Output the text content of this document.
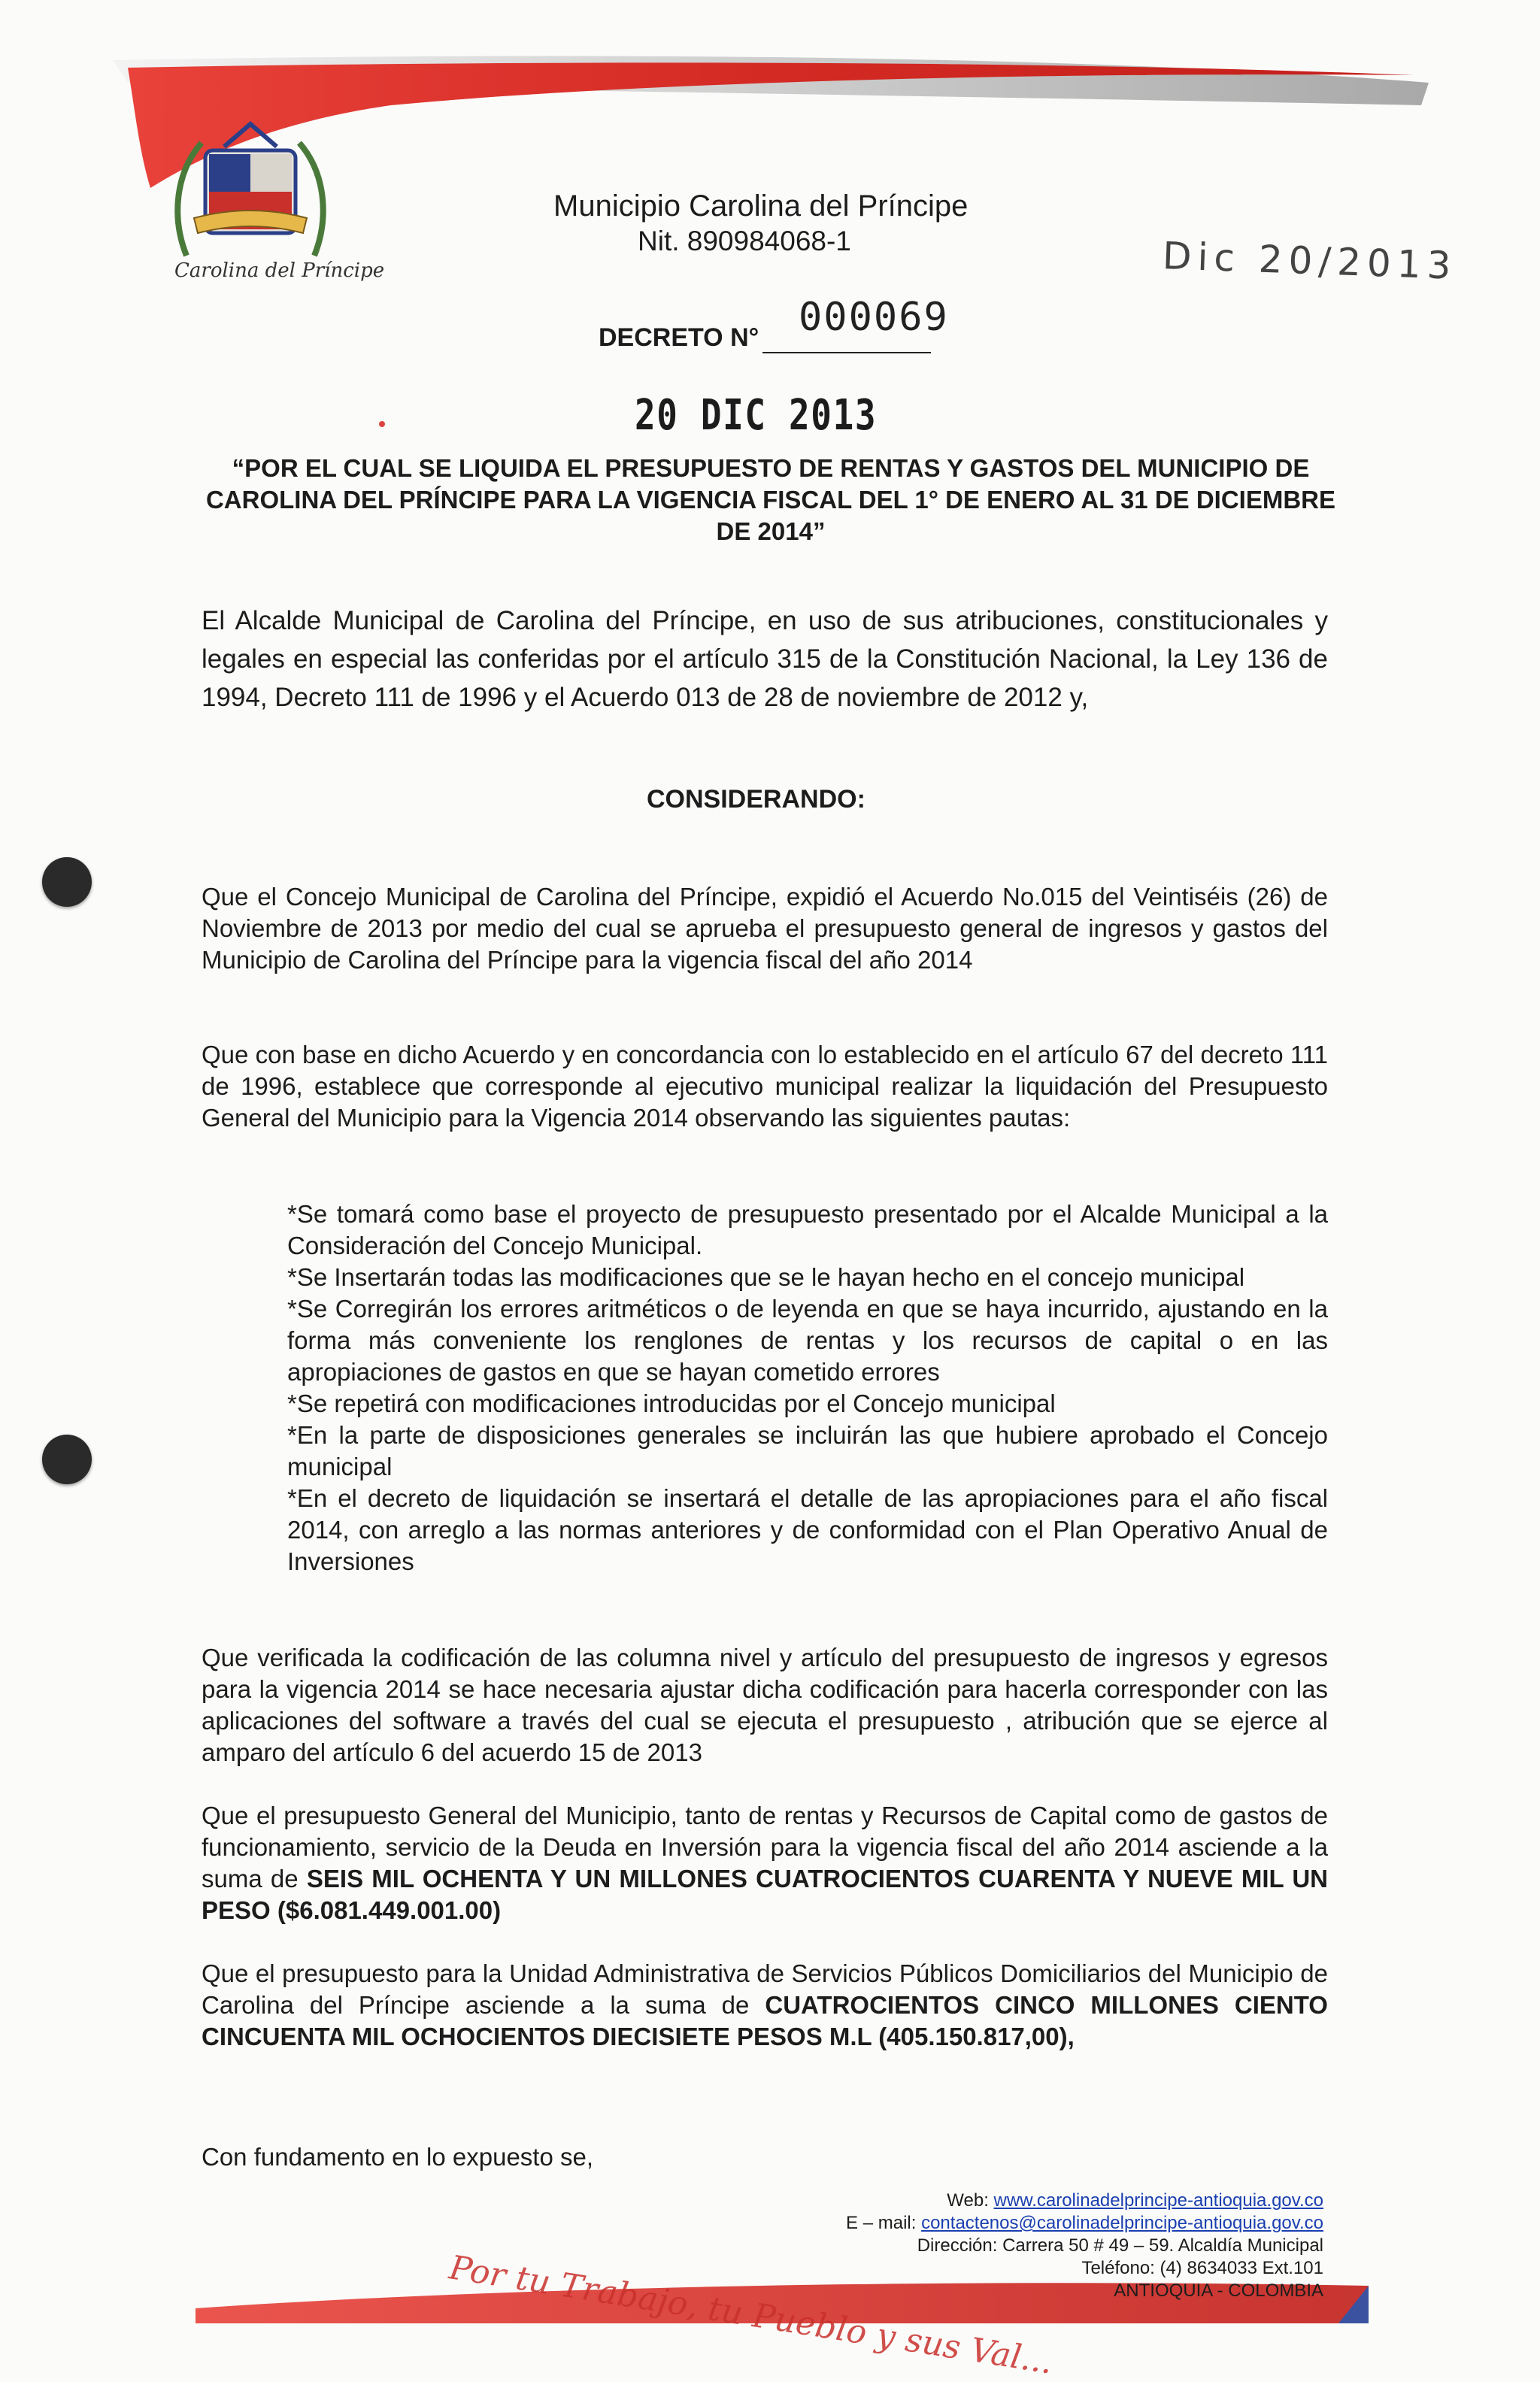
Carolina del Príncipe
Municipio Carolina del Príncipe
Nit. 890984068-1	Dic 20/2013
DECRETO N° 000069
20 DIC 2013
“POR EL CUAL SE LIQUIDA EL PRESUPUESTO DE RENTAS Y GASTOS DEL MUNICIPIO DE CAROLINA DEL PRÍNCIPE PARA LA VIGENCIA FISCAL DEL 1° DE ENERO AL 31 DE DICIEMBRE DE 2014”
El Alcalde Municipal de Carolina del Príncipe, en uso de sus atribuciones, constitucionales y legales en especial las conferidas por el artículo 315 de la Constitución Nacional, la Ley 136 de 1994, Decreto 111 de 1996 y el Acuerdo 013 de 28 de noviembre de 2012 y,
CONSIDERANDO:
Que el Concejo Municipal de Carolina del Príncipe, expidió el Acuerdo No.015 del Veintiséis (26) de Noviembre de 2013 por medio del cual se aprueba el presupuesto general de ingresos y gastos del Municipio de Carolina del Príncipe para la vigencia fiscal del año 2014
Que con base en dicho Acuerdo y en concordancia con lo establecido en el artículo 67 del decreto 111 de 1996, establece que corresponde al ejecutivo municipal realizar la liquidación del Presupuesto General del Municipio para la Vigencia 2014 observando las siguientes pautas:
*Se tomará como base el proyecto de presupuesto presentado por el Alcalde Municipal a la Consideración del Concejo Municipal.
*Se Insertarán todas las modificaciones que se le hayan hecho en el concejo municipal
*Se Corregirán los errores aritméticos o de leyenda en que se haya incurrido, ajustando en la forma más conveniente los renglones de rentas y los recursos de capital o en las apropiaciones de gastos en que se hayan cometido errores
*Se repetirá con modificaciones introducidas por el Concejo municipal
*En la parte de disposiciones generales se incluirán las que hubiere aprobado el Concejo municipal
*En el decreto de liquidación se insertará el detalle de las apropiaciones para el año fiscal 2014, con arreglo a las normas anteriores y de conformidad con el Plan Operativo Anual de Inversiones
Que verificada la codificación de las columna nivel y artículo del presupuesto de ingresos y egresos para la vigencia 2014 se hace necesaria ajustar dicha codificación para hacerla corresponder con las aplicaciones del software a través del cual se ejecuta el presupuesto , atribución que se ejerce al amparo del artículo 6 del acuerdo 15 de 2013
Que el presupuesto General del Municipio, tanto de rentas y Recursos de Capital como de gastos de funcionamiento, servicio de la Deuda en Inversión para la vigencia fiscal del año 2014 asciende a la suma de SEIS MIL OCHENTA Y UN MILLONES CUATROCIENTOS CUARENTA Y NUEVE MIL UN PESO ($6.081.449.001.00)
Que el presupuesto para la Unidad Administrativa de Servicios Públicos Domiciliarios del Municipio de Carolina del Príncipe asciende a la suma de CUATROCIENTOS CINCO MILLONES CIENTO CINCUENTA MIL OCHOCIENTOS DIECISIETE PESOS M.L (405.150.817,00),
Con fundamento en lo expuesto se,
Por tu Trabajo, tu Pueblo y sus Val...
Web: www.carolinadelprincipe-antioquia.gov.co
E – mail: contactenos@carolinadelprincipe-antioquia.gov.co
Dirección: Carrera 50 # 49 – 59. Alcaldía Municipal
Teléfono: (4) 8634033 Ext.101
ANTIOQUIA - COLOMBIA
